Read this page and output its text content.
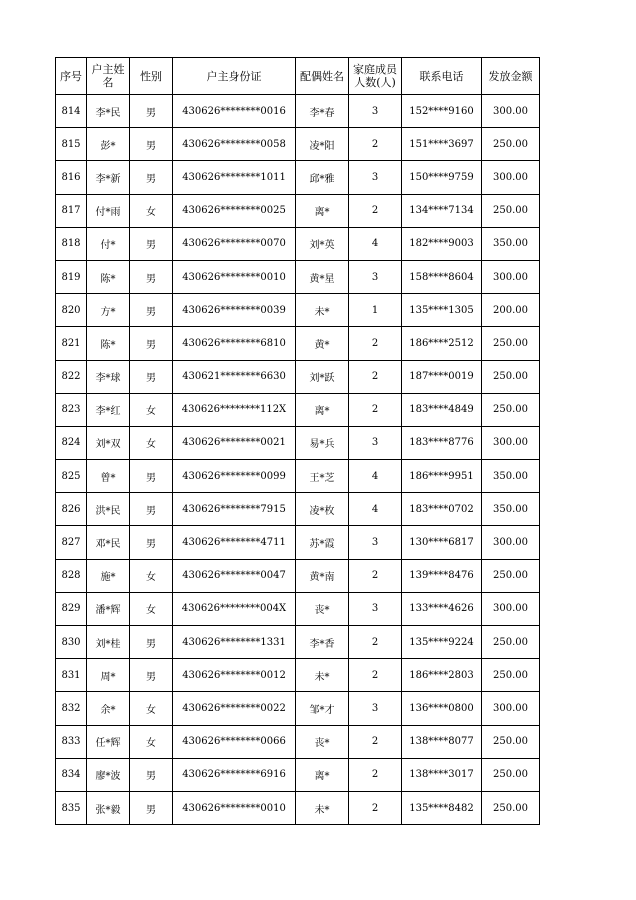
序号	户主姓名	性别	户主身份证	配偶姓名	家庭成员人数(人)	联系电话	发放金额
814	李*民	男	430626********0016	李*春	3	152****9160	300.00
815	彭*	男	430626********0058	凌*阳	2	151****3697	250.00
816	李*新	男	430626********1011	邱*雅	3	150****9759	300.00
817	付*雨	女	430626********0025	离*	2	134****7134	250.00
818	付*	男	430626********0070	刘*英	4	182****9003	350.00
819	陈*	男	430626********0010	黄*星	3	158****8604	300.00
820	方*	男	430626********0039	未*	1	135****1305	200.00
821	陈*	男	430626********6810	黄*	2	186****2512	250.00
822	李*球	男	430621********6630	刘*跃	2	187****0019	250.00
823	李*红	女	430626********112X	离*	2	183****4849	250.00
824	刘*双	女	430626********0021	易*兵	3	183****8776	300.00
825	曾*	男	430626********0099	王*芝	4	186****9951	350.00
826	洪*民	男	430626********7915	凌*枚	4	183****0702	350.00
827	邓*民	男	430626********4711	苏*霞	3	130****6817	300.00
828	施*	女	430626********0047	黄*南	2	139****8476	250.00
829	潘*辉	女	430626********004X	丧*	3	133****4626	300.00
830	刘*桂	男	430626********1331	李*香	2	135****9224	250.00
831	周*	男	430626********0012	未*	2	186****2803	250.00
832	余*	女	430626********0022	邹*才	3	136****0800	300.00
833	任*辉	女	430626********0066	丧*	2	138****8077	250.00
834	廖*波	男	430626********6916	离*	2	138****3017	250.00
835	张*毅	男	430626********0010	未*	2	135****8482	250.00
